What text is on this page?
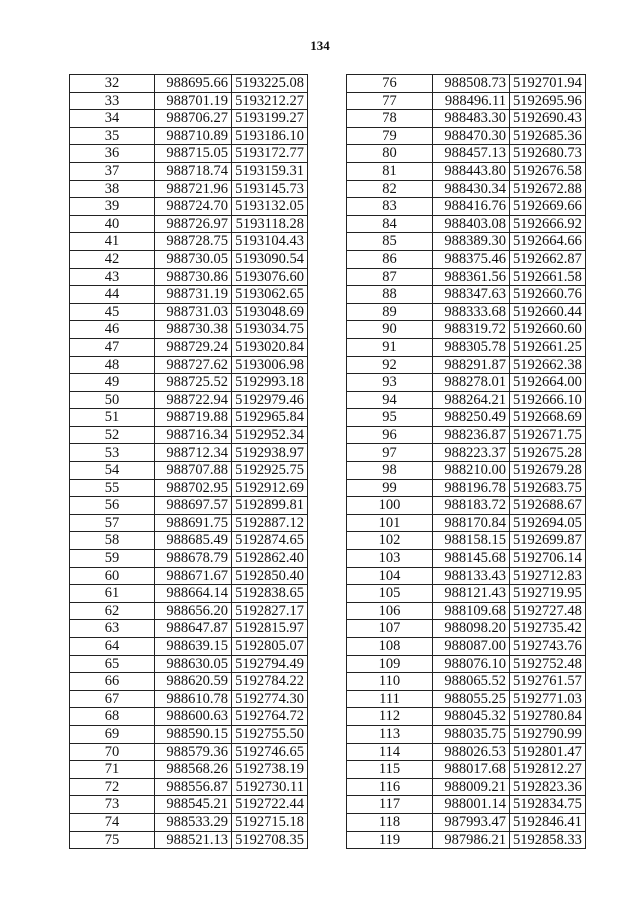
134
32	988695.66	5193225.08
33	988701.19	5193212.27
34	988706.27	5193199.27
35	988710.89	5193186.10
36	988715.05	5193172.77
37	988718.74	5193159.31
38	988721.96	5193145.73
39	988724.70	5193132.05
40	988726.97	5193118.28
41	988728.75	5193104.43
42	988730.05	5193090.54
43	988730.86	5193076.60
44	988731.19	5193062.65
45	988731.03	5193048.69
46	988730.38	5193034.75
47	988729.24	5193020.84
48	988727.62	5193006.98
49	988725.52	5192993.18
50	988722.94	5192979.46
51	988719.88	5192965.84
52	988716.34	5192952.34
53	988712.34	5192938.97
54	988707.88	5192925.75
55	988702.95	5192912.69
56	988697.57	5192899.81
57	988691.75	5192887.12
58	988685.49	5192874.65
59	988678.79	5192862.40
60	988671.67	5192850.40
61	988664.14	5192838.65
62	988656.20	5192827.17
63	988647.87	5192815.97
64	988639.15	5192805.07
65	988630.05	5192794.49
66	988620.59	5192784.22
67	988610.78	5192774.30
68	988600.63	5192764.72
69	988590.15	5192755.50
70	988579.36	5192746.65
71	988568.26	5192738.19
72	988556.87	5192730.11
73	988545.21	5192722.44
74	988533.29	5192715.18
75	988521.13	5192708.35
76	988508.73	5192701.94
77	988496.11	5192695.96
78	988483.30	5192690.43
79	988470.30	5192685.36
80	988457.13	5192680.73
81	988443.80	5192676.58
82	988430.34	5192672.88
83	988416.76	5192669.66
84	988403.08	5192666.92
85	988389.30	5192664.66
86	988375.46	5192662.87
87	988361.56	5192661.58
88	988347.63	5192660.76
89	988333.68	5192660.44
90	988319.72	5192660.60
91	988305.78	5192661.25
92	988291.87	5192662.38
93	988278.01	5192664.00
94	988264.21	5192666.10
95	988250.49	5192668.69
96	988236.87	5192671.75
97	988223.37	5192675.28
98	988210.00	5192679.28
99	988196.78	5192683.75
100	988183.72	5192688.67
101	988170.84	5192694.05
102	988158.15	5192699.87
103	988145.68	5192706.14
104	988133.43	5192712.83
105	988121.43	5192719.95
106	988109.68	5192727.48
107	988098.20	5192735.42
108	988087.00	5192743.76
109	988076.10	5192752.48
110	988065.52	5192761.57
111	988055.25	5192771.03
112	988045.32	5192780.84
113	988035.75	5192790.99
114	988026.53	5192801.47
115	988017.68	5192812.27
116	988009.21	5192823.36
117	988001.14	5192834.75
118	987993.47	5192846.41
119	987986.21	5192858.33
